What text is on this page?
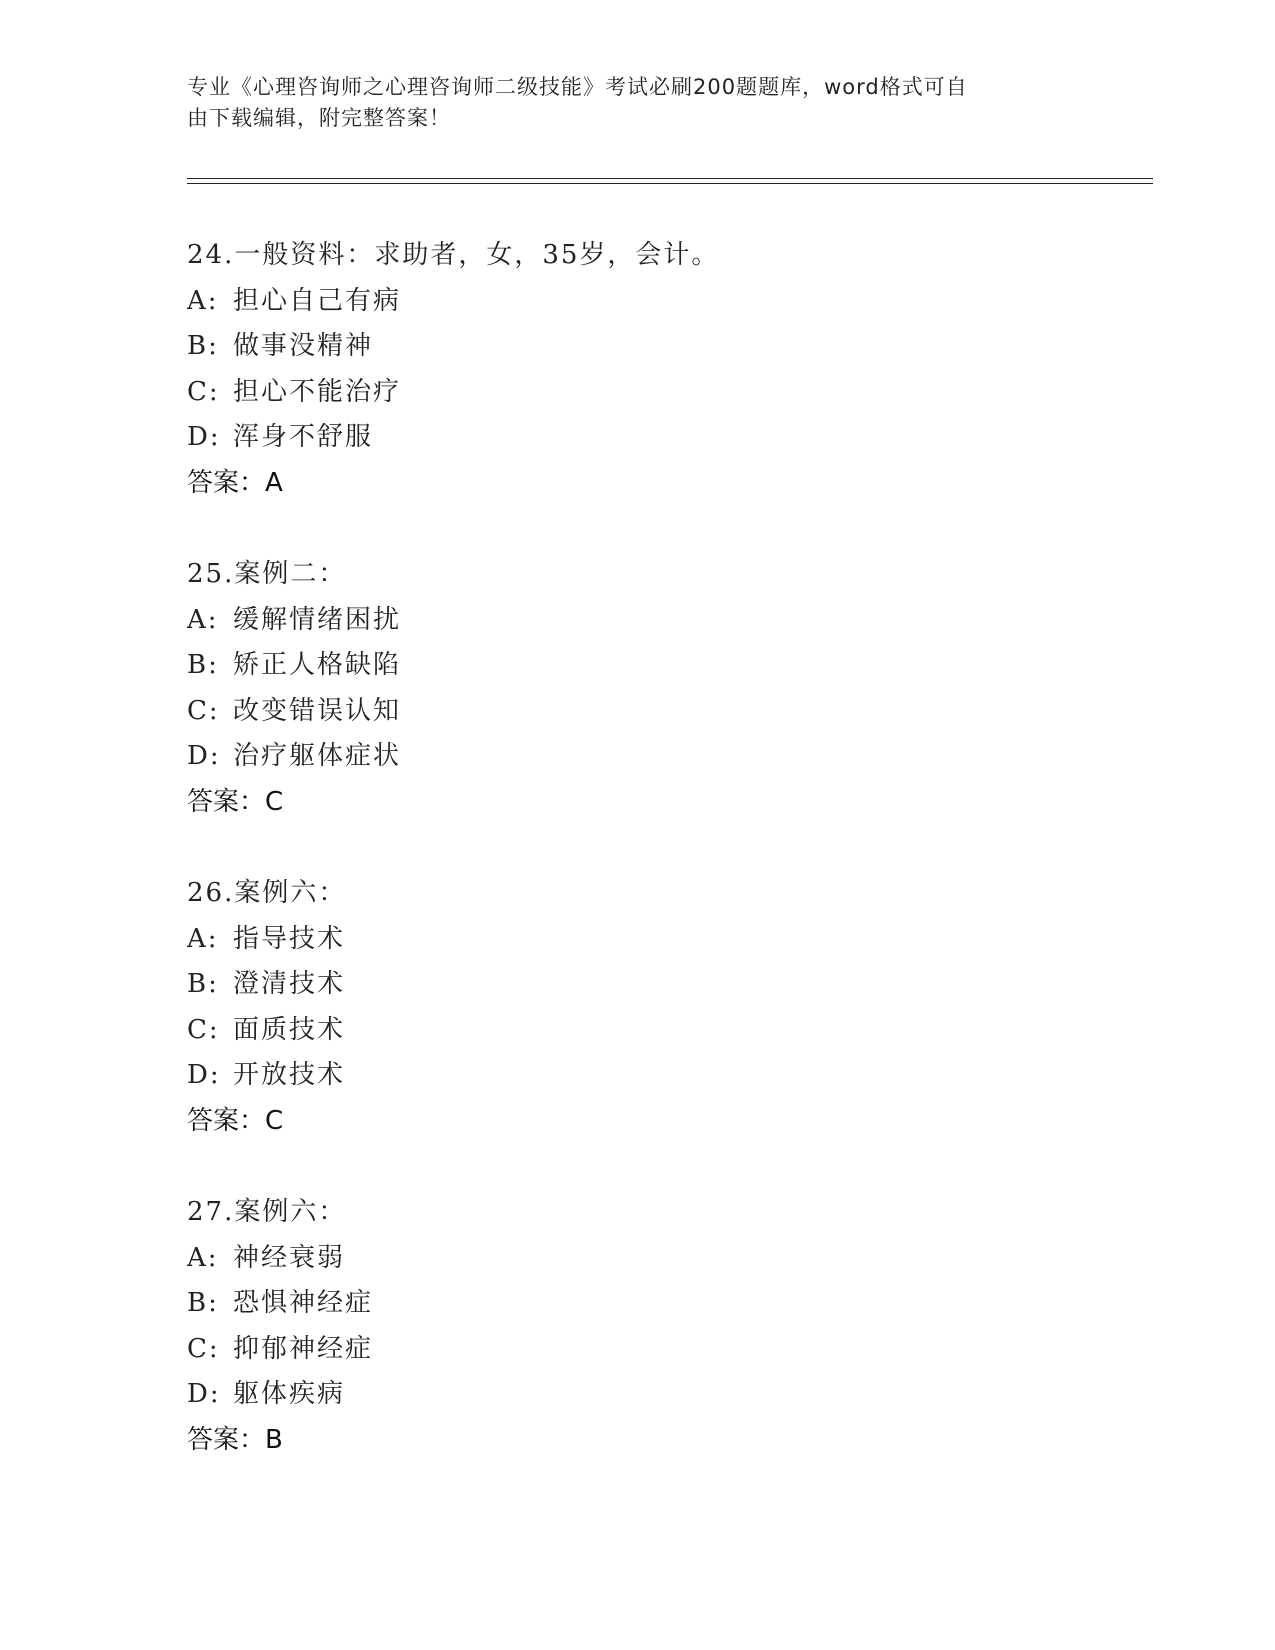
专业《心理咨询师之心理咨询师二级技能》考试必刷200题题库，word格式可自
由下载编辑，附完整答案！
24.一般资料：求助者，女，35岁，会计。
A: 担心自己有病
B: 做事没精神
C: 担心不能治疗
D: 浑身不舒服
答案：A
25.案例二：
A: 缓解情绪困扰
B: 矫正人格缺陷
C: 改变错误认知
D: 治疗躯体症状
答案：C
26.案例六：
A: 指导技术
B: 澄清技术
C: 面质技术
D: 开放技术
答案：C
27.案例六：
A: 神经衰弱
B: 恐惧神经症
C: 抑郁神经症
D: 躯体疾病
答案：B
